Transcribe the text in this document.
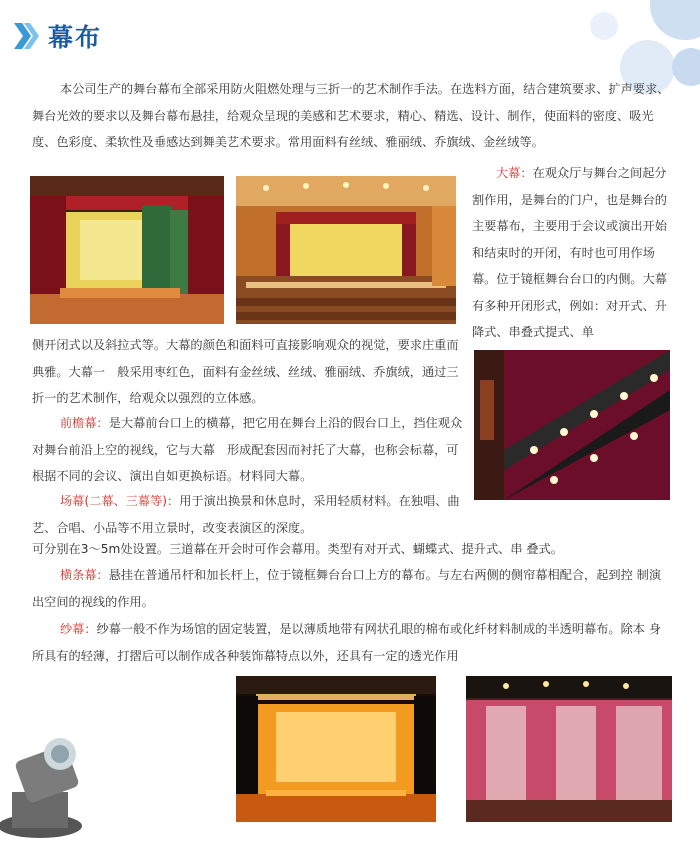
幕布

本公司生产的舞台幕布全部采用防火阻燃处理与三折一的艺术制作手法。在选料方面，结合建筑要求、扩声要求、舞台光效的要求以及舞台幕布悬挂，给观众呈现的美感和艺术要求，精心、精选、设计、制作，使面料的密度、吸光度、色彩度、柔软性及垂感达到舞美艺术要求。常用面料有丝绒、雅丽绒、乔旗绒、金丝绒等。

大幕：在观众厅与舞台之间起分割作用，是舞台的门户，也是舞台的主要幕布，主要用于会议或演出开始和结束时的开闭，有时也可用作场幕。位于镜框舞台台口的内侧。大幕有多种开闭形式，例如：对开式、升降式、串叠式提式、单

侧开闭式以及斜拉式等。大幕的颜色和面料可直接影响观众的视觉，要求庄重而典雅。大幕一　般采用枣红色，面料有金丝绒、丝绒、雅丽绒、乔旗绒，通过三折一的艺术制作，给观众以强烈的立体感。

前檐幕：是大幕前台口上的横幕，把它用在舞台上沿的假台口上，挡住观众对舞台前沿上空的视线，它与大幕　形成配套因而衬托了大幕，也称会标幕，可根据不同的会议、演出自如更换标语。材料同大幕。

场幕(二幕、三幕等)：用于演出换景和休息时，采用轻质材料。在独唱、曲艺、合唱、小品等不用立景时，改变表演区的深度。

可分别在3～5m处设置。三道幕在开会时可作会幕用。类型有对开式、蝴蝶式、提升式、串 叠式。

横条幕：悬挂在普通吊杆和加长杆上，位于镜框舞台台口上方的幕布。与左右两侧的侧帘幕相配合，起到控 制演出空间的视线的作用。

纱幕：纱幕一般不作为场馆的固定装置，是以薄质地带有网状孔眼的棉布或化纤材料制成的半透明幕布。除本 身所具有的轻薄，打摺后可以制作成各种装饰幕特点以外，还具有一定的透光作用
